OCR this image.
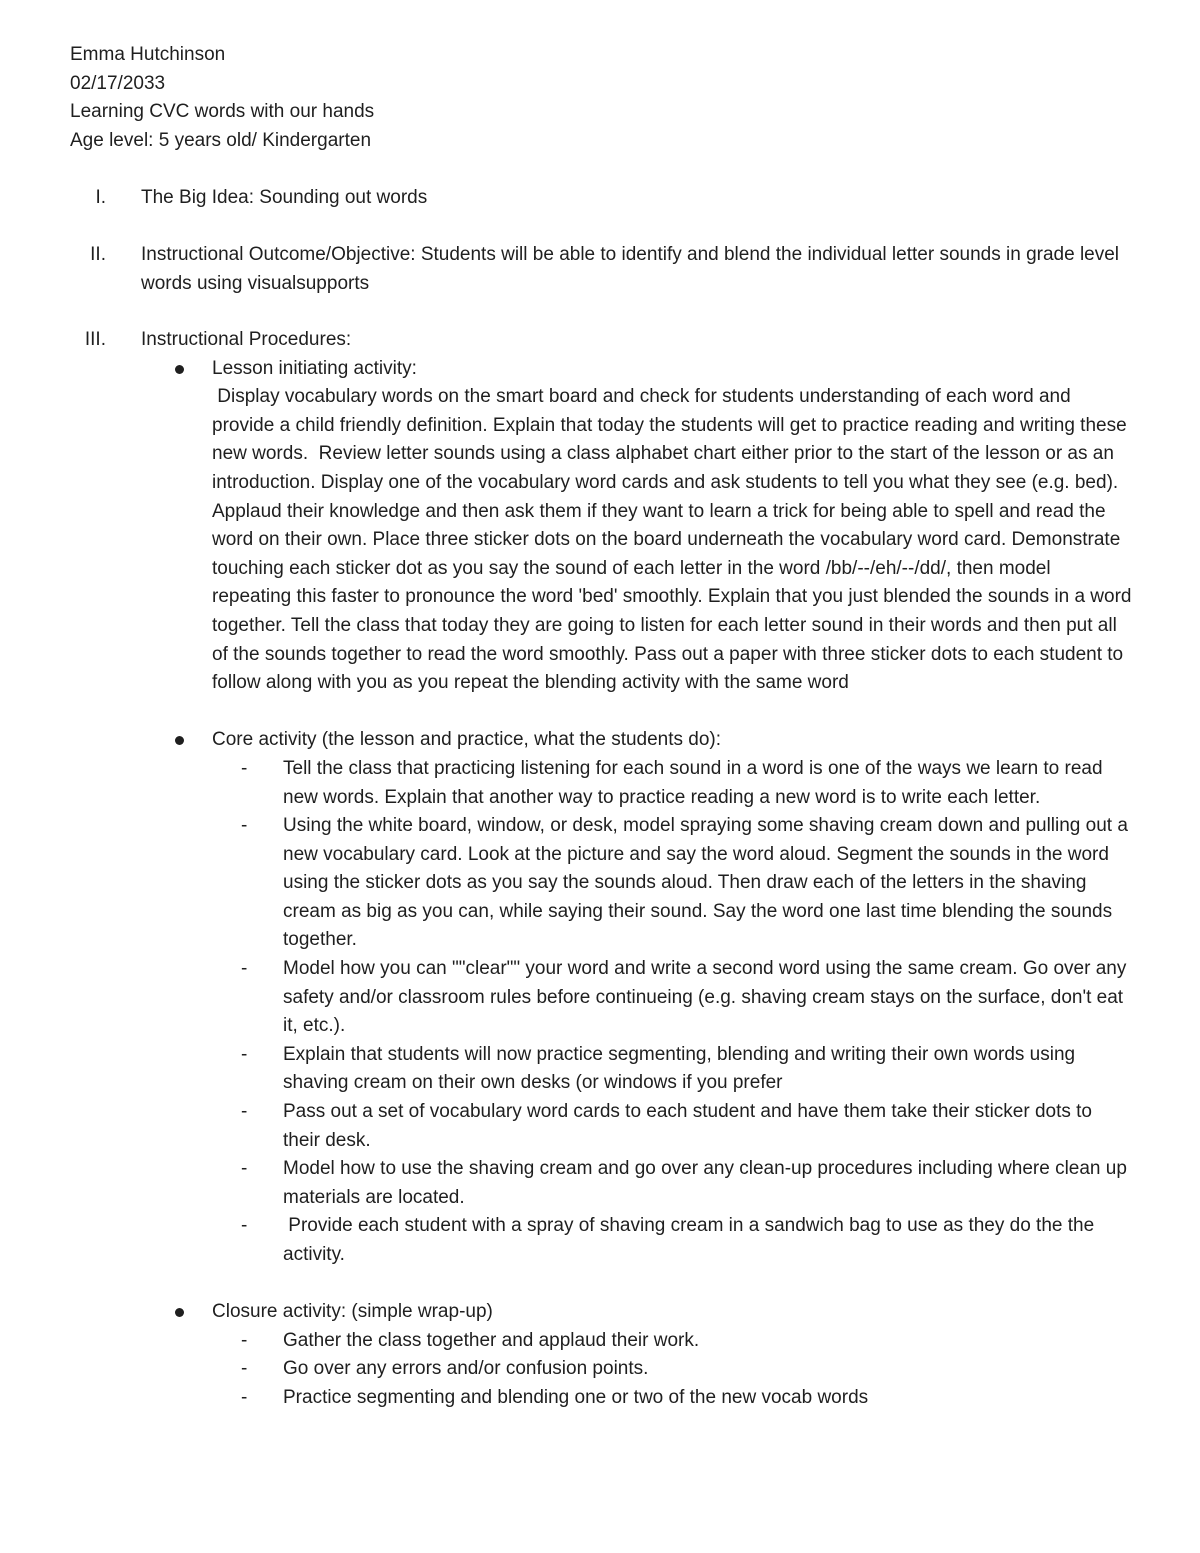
Emma Hutchinson
02/17/2033
Learning CVC words with our hands
Age level: 5 years old/ Kindergarten
I. The Big Idea: Sounding out words
II. Instructional Outcome/Objective: Students will be able to identify and blend the individual letter sounds in grade level words using visualsupports
III. Instructional Procedures:
Lesson initiating activity:

Display vocabulary words on the smart board and check for students understanding of each word and provide a child friendly definition. Explain that today the students will get to practice reading and writing these new words.  Review letter sounds using a class alphabet chart either prior to the start of the lesson or as an introduction. Display one of the vocabulary word cards and ask students to tell you what they see (e.g. bed). Applaud their knowledge and then ask them if they want to learn a trick for being able to spell and read the word on their own. Place three sticker dots on the board underneath the vocabulary word card. Demonstrate touching each sticker dot as you say the sound of each letter in the word /bb/--/eh/--/dd/, then model repeating this faster to pronounce the word 'bed' smoothly. Explain that you just blended the sounds in a word together. Tell the class that today they are going to listen for each letter sound in their words and then put all of the sounds together to read the word smoothly. Pass out a paper with three sticker dots to each student to follow along with you as you repeat the blending activity with the same word

Core activity (the lesson and practice, what the students do):
- Tell the class that practicing listening for each sound in a word is one of the ways we learn to read new words. Explain that another way to practice reading a new word is to write each letter.
- Using the white board, window, or desk, model spraying some shaving cream down and pulling out a new vocabulary card. Look at the picture and say the word aloud. Segment the sounds in the word using the sticker dots as you say the sounds aloud. Then draw each of the letters in the shaving cream as big as you can, while saying their sound. Say the word one last time blending the sounds together.
- Model how you can ""clear"" your word and write a second word using the same cream. Go over any safety and/or classroom rules before continueing (e.g. shaving cream stays on the surface, don't eat it, etc.).
- Explain that students will now practice segmenting, blending and writing their own words using shaving cream on their own desks (or windows if you prefer
- Pass out a set of vocabulary word cards to each student and have them take their sticker dots to their desk.
- Model how to use the shaving cream and go over any clean-up procedures including where clean up materials are located.
- Provide each student with a spray of shaving cream in a sandwich bag to use as they do the the activity.
Closure activity: (simple wrap-up)
- Gather the class together and applaud their work.
- Go over any errors and/or confusion points.
- Practice segmenting and blending one or two of the new vocab words
